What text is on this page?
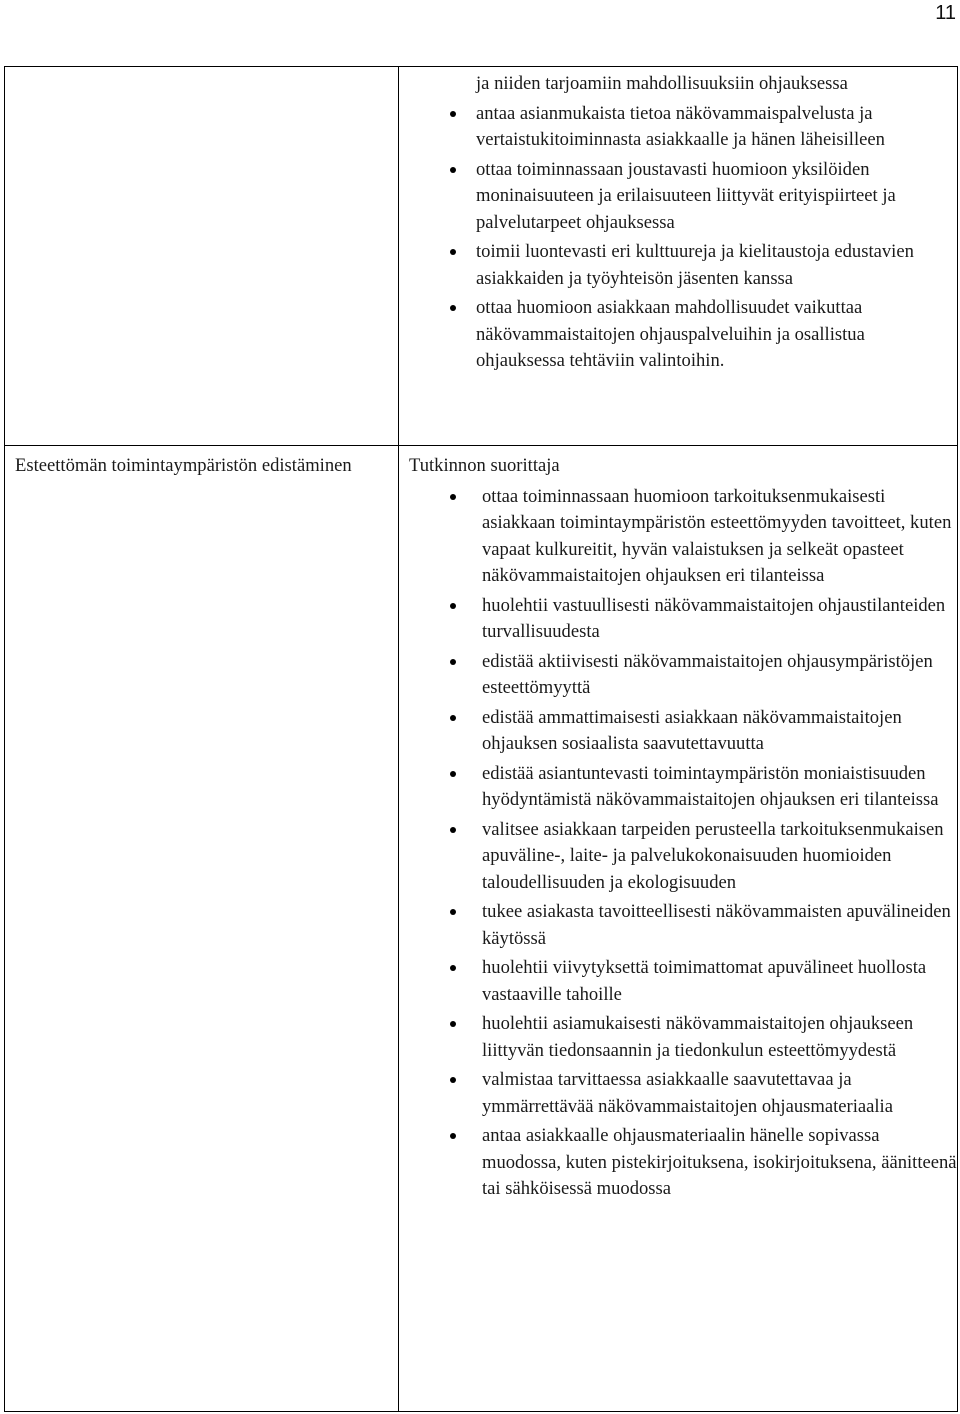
11
ja niiden tarjoamiin mahdollisuuksiin ohjauksessa
antaa asianmukaista tietoa näkövammaispalvelusta ja vertaistukitoiminnasta asiakkaalle ja hänen läheisilleen
ottaa toiminnassaan joustavasti huomioon yksilöiden moninaisuuteen ja erilaisuuteen liittyvät erityispiirteet ja palvelutarpeet ohjauksessa
toimii luontevasti eri kulttuureja ja kielitaustoja edustavien asiakkaiden ja työyhteisön jäsenten kanssa
ottaa huomioon asiakkaan mahdollisuudet vaikuttaa näkövammaistaitojen ohjauspalveluihin ja osallistua ohjauksessa tehtäviin valintoihin.
Esteettömän toimintaympäristön edistäminen	Tutkinnon suorittaja
ottaa toiminnassaan huomioon tarkoituksenmukaisesti asiakkaan toimintaympäristön esteettömyyden tavoitteet, kuten vapaat kulkureitit, hyvän valaistuksen ja selkeät opasteet näkövammaistaitojen ohjauksen eri tilanteissa
huolehtii vastuullisesti näkövammaistaitojen ohjaustilanteiden turvallisuudesta
edistää aktiivisesti näkövammaistaitojen ohjausympäristöjen esteettömyyttä
edistää ammattimaisesti asiakkaan näkövammaistaitojen ohjauksen sosiaalista saavutettavuutta
edistää asiantuntevasti toimintaympäristön moniaistisuuden hyödyntämistä näkövammaistaitojen ohjauksen eri tilanteissa
valitsee asiakkaan tarpeiden perusteella tarkoituksenmukaisen apuväline-, laite- ja palvelukokonaisuuden huomioiden taloudellisuuden ja ekologisuuden
tukee asiakasta tavoitteellisesti näkövammaisten apuvälineiden käytössä
huolehtii viivytyksettä toimimattomat apuvälineet huollosta vastaaville tahoille
huolehtii asiamukaisesti näkövammaistaitojen ohjaukseen liittyvän tiedonsaannin ja tiedonkulun esteettömyydestä
valmistaa tarvittaessa asiakkaalle saavutettavaa ja ymmärrettävää näkövammaistaitojen ohjausmateriaalia
antaa asiakkaalle ohjausmateriaalin hänelle sopivassa muodossa, kuten pistekirjoituksena, isokirjoituksena, äänitteenä tai sähköisessä muodossa
